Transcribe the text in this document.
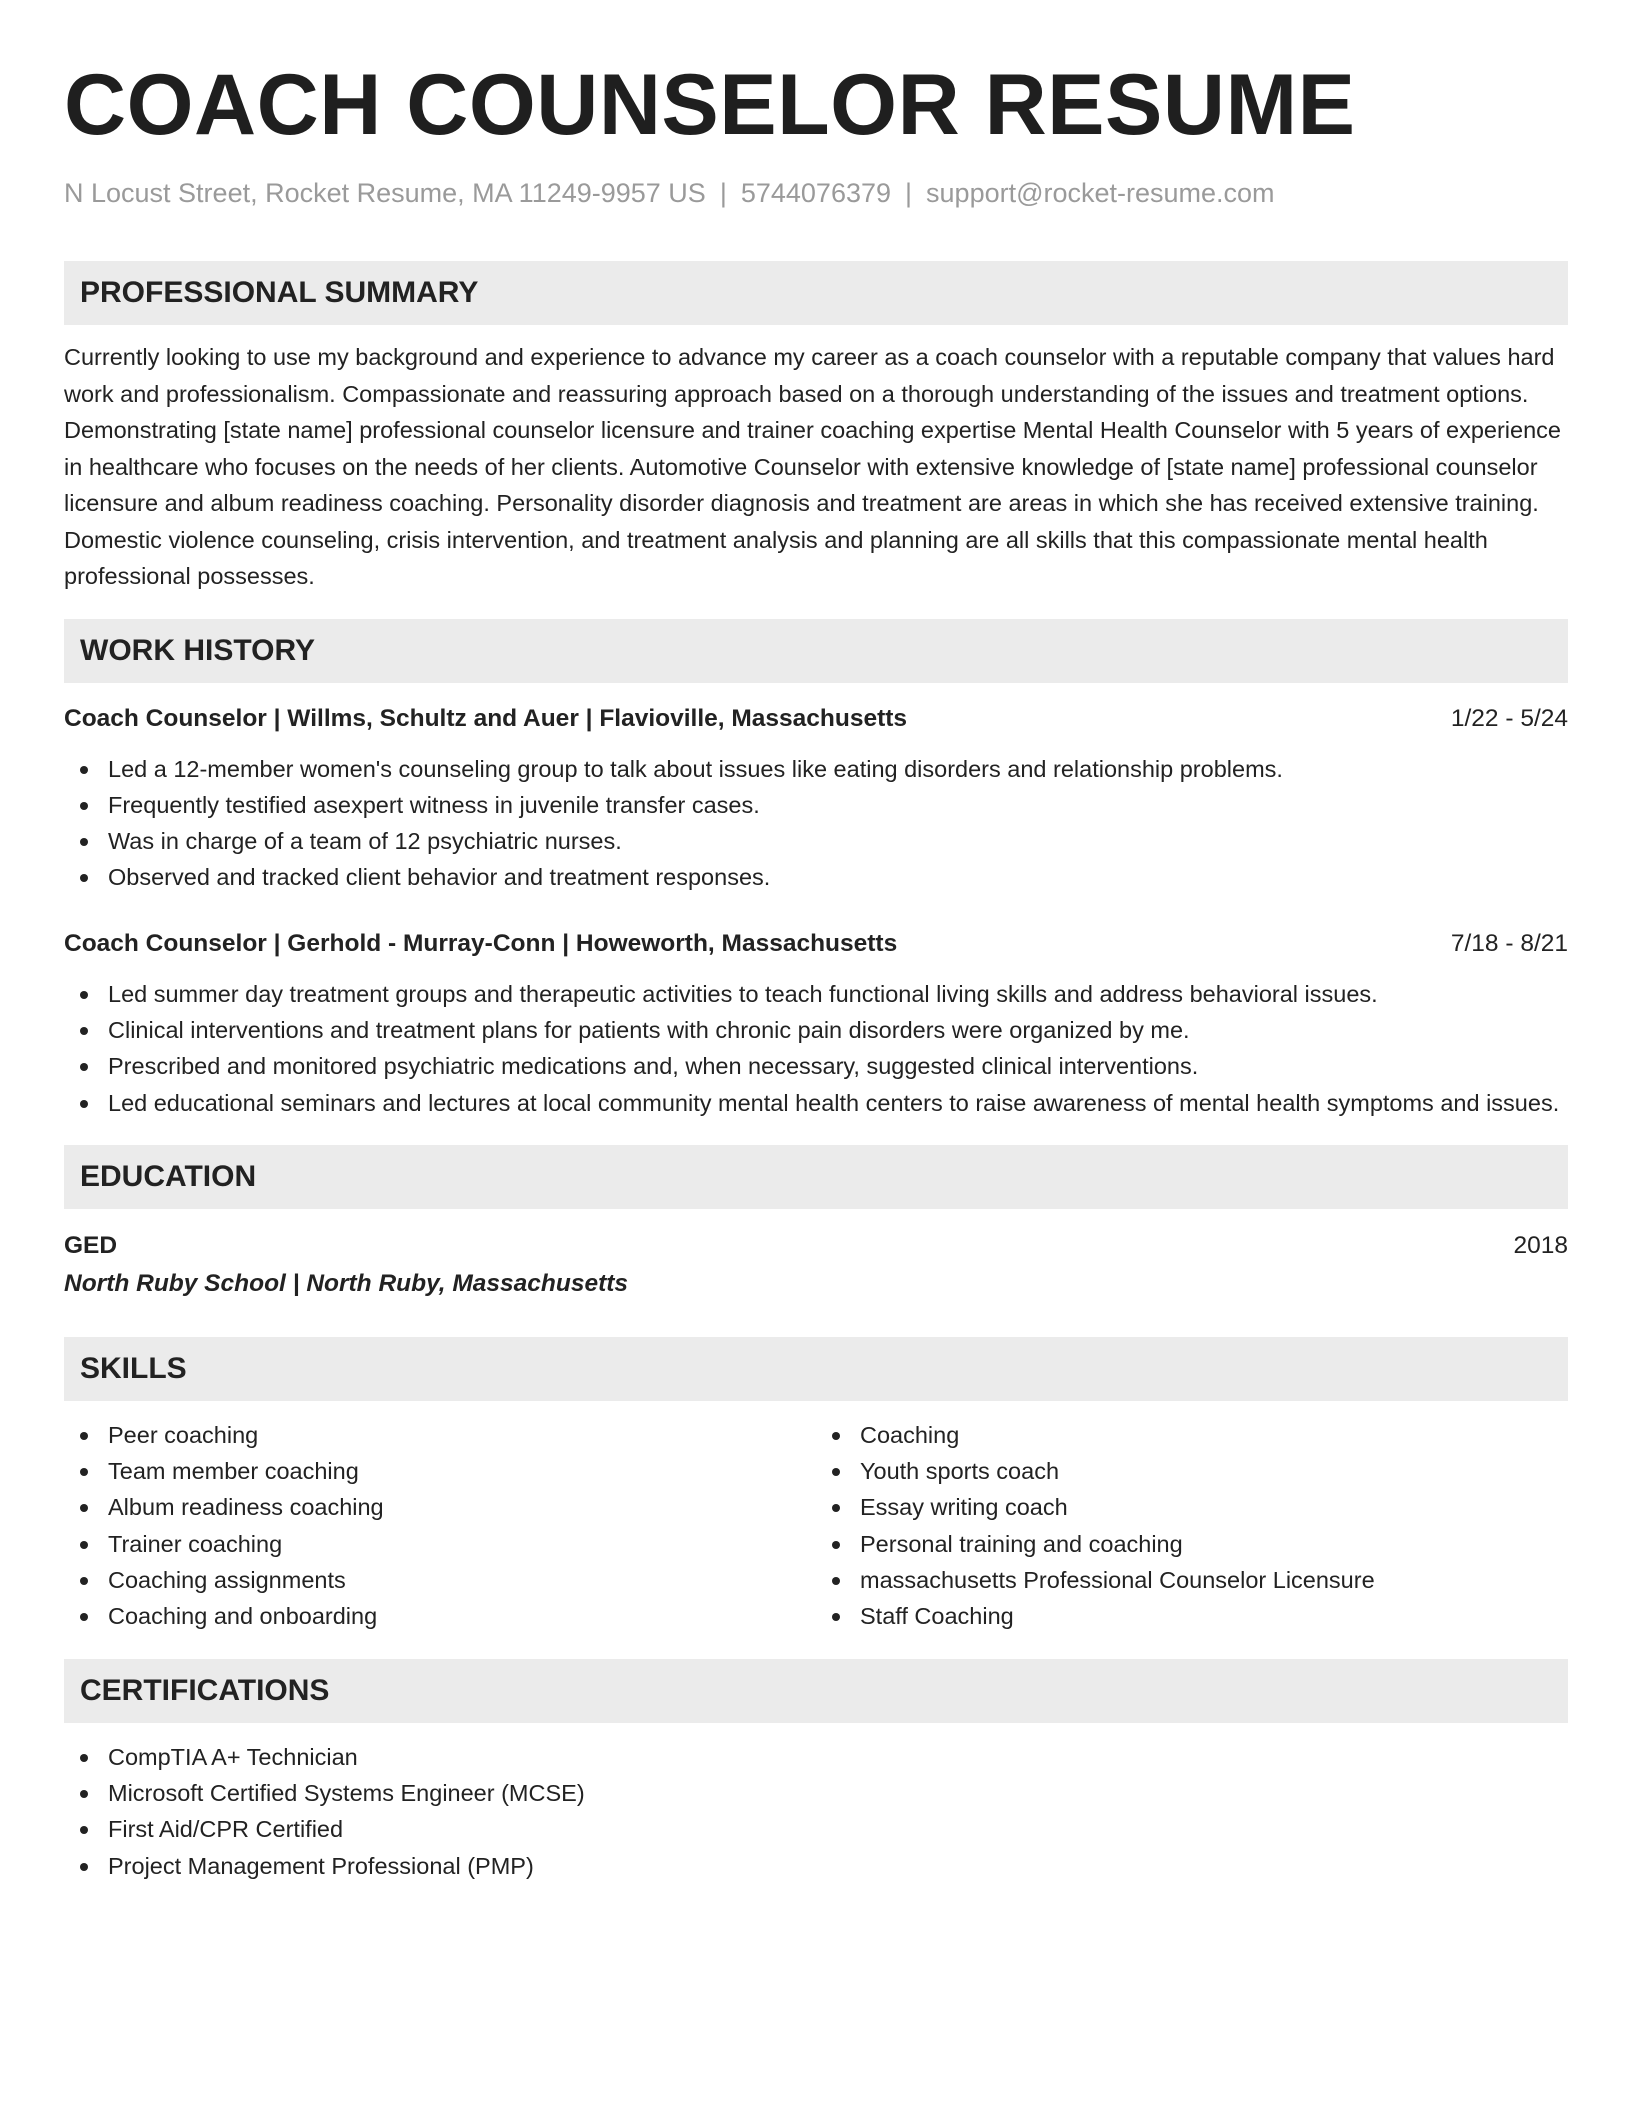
COACH COUNSELOR RESUME
N Locust Street, Rocket Resume, MA 11249-9957 US | 5744076379 | support@rocket-resume.com
PROFESSIONAL SUMMARY

Currently looking to use my background and experience to advance my career as a coach counselor with a reputable company that values hard work and professionalism. Compassionate and reassuring approach based on a thorough understanding of the issues and treatment options. Demonstrating [state name] professional counselor licensure and trainer coaching expertise Mental Health Counselor with 5 years of experience in healthcare who focuses on the needs of her clients. Automotive Counselor with extensive knowledge of [state name] professional counselor licensure and album readiness coaching. Personality disorder diagnosis and treatment are areas in which she has received extensive training. Domestic violence counseling, crisis intervention, and treatment analysis and planning are all skills that this compassionate mental health professional possesses.

WORK HISTORY
Coach Counselor | Willms, Schultz and Auer | Flavioville, Massachusetts	1/22 - 5/24
Led a 12-member women's counseling group to talk about issues like eating disorders and relationship problems.
Frequently testified asexpert witness in juvenile transfer cases.
Was in charge of a team of 12 psychiatric nurses.
Observed and tracked client behavior and treatment responses.
Coach Counselor | Gerhold - Murray-Conn | Howeworth, Massachusetts	7/18 - 8/21
Led summer day treatment groups and therapeutic activities to teach functional living skills and address behavioral issues.
Clinical interventions and treatment plans for patients with chronic pain disorders were organized by me.
Prescribed and monitored psychiatric medications and, when necessary, suggested clinical interventions.
Led educational seminars and lectures at local community mental health centers to raise awareness of mental health symptoms and issues.
EDUCATION
GED	2018
North Ruby School | North Ruby, Massachusetts
SKILLS
Peer coaching
Team member coaching
Album readiness coaching
Trainer coaching
Coaching assignments
Coaching and onboarding
Coaching
Youth sports coach
Essay writing coach
Personal training and coaching
massachusetts Professional Counselor Licensure
Staff Coaching
CERTIFICATIONS
CompTIA A+ Technician
Microsoft Certified Systems Engineer (MCSE)
First Aid/CPR Certified
Project Management Professional (PMP)
